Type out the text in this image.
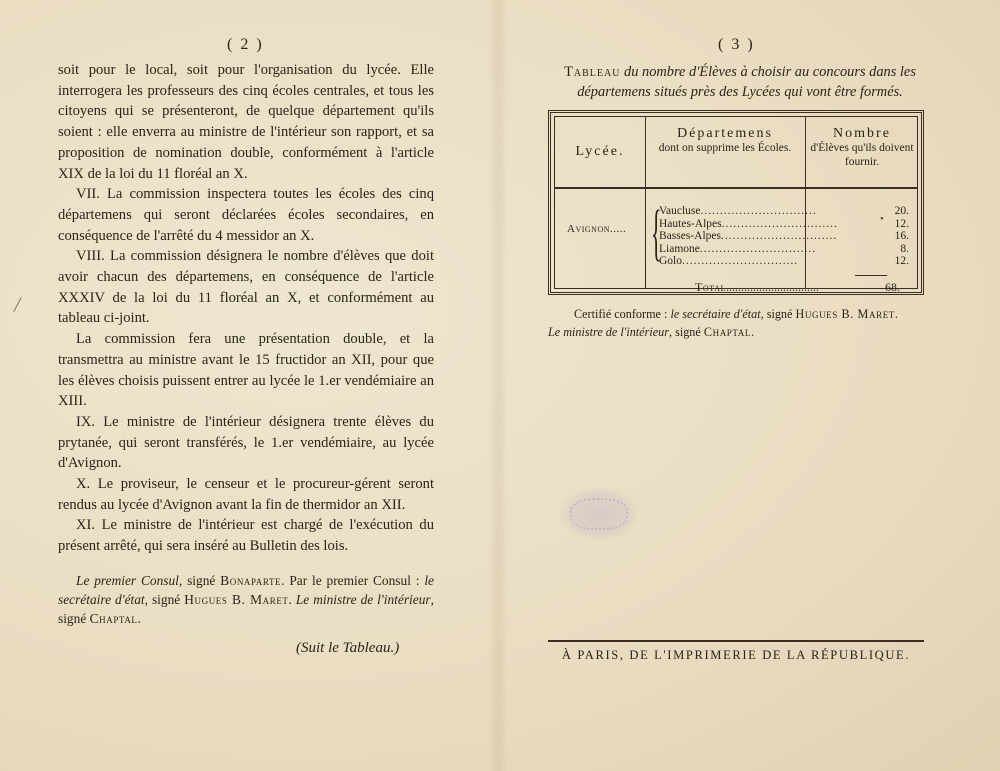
( 2 )

soit pour le local, soit pour l'organisation du lycée. Elle interrogera les professeurs des cinq écoles centrales, et tous les citoyens qui se présenteront, de quelque département qu'ils soient : elle enverra au ministre de l'intérieur son rapport, et sa proposition de nomination double, conformément à l'article XIX de la loi du 11 floréal an X.

VII. La commission inspectera toutes les écoles des cinq départemens qui seront déclarées écoles secondaires, en conséquence de l'arrêté du 4 messidor an X.

VIII. La commission désignera le nombre d'élèves que doit avoir chacun des départemens, en conséquence de l'article XXXIV de la loi du 11 floréal an X, et conformément au tableau ci-joint.

La commission fera une présentation double, et la transmettra au ministre avant le 15 fructidor an XII, pour que les élèves choisis puissent entrer au lycée le 1.er vendémiaire an XIII.

IX. Le ministre de l'intérieur désignera trente élèves du prytanée, qui seront transférés, le 1.er vendémiaire, au lycée d'Avignon.

X. Le proviseur, le censeur et le procureur-gérent seront rendus au lycée d'Avignon avant la fin de thermidor an XII.

XI. Le ministre de l'intérieur est chargé de l'exécution du présent arrêté, qui sera inséré au Bulletin des lois.

Le premier Consul, signé Bonaparte. Par le premier Consul : le secrétaire d'état, signé Hugues B. Maret. Le ministre de l'intérieur, signé Chaptal.

(Suit le Tableau.)
/
( 3 )
Tableau du nombre d'Élèves à choisir au concours dans les départemens situés près des Lycées qui vont être formés.
Lycée.
Départemens
dont on supprime les Écoles.
Nombre
d'Élèves qu'ils doivent fournir.
Avignon..... {
Vaucluse ..............................
Hautes-Alpes ..............................
Basses-Alpes ..............................
Liamone ..............................
Golo ..............................
20.
12.
16.
8.
12.
Total...............................	68.
•
Certifié conforme : le secrétaire d'état, signé Hugues B. Maret.
Le ministre de l'intérieur, signé Chaptal.
À PARIS, DE L'IMPRIMERIE DE LA RÉPUBLIQUE.
